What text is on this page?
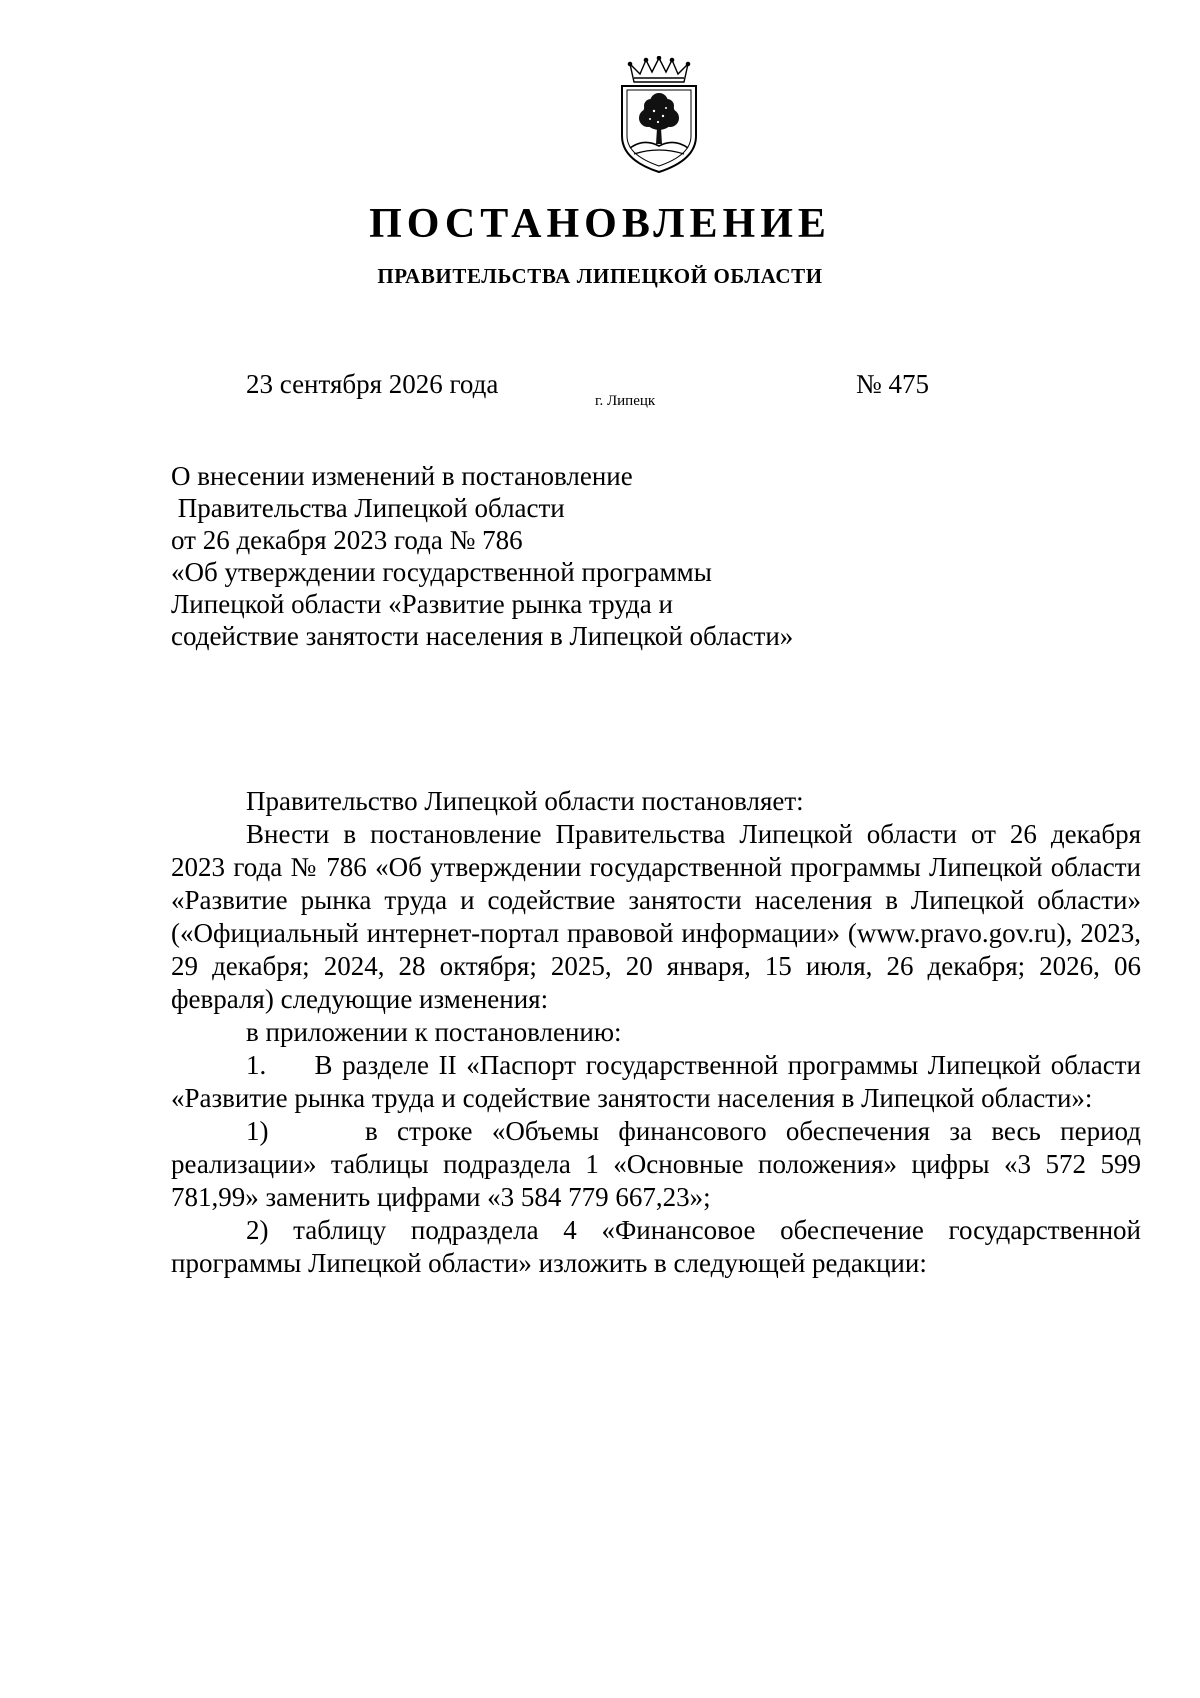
ПОСТАНОВЛЕНИЕ
ПРАВИТЕЛЬСТВА ЛИПЕЦКОЙ ОБЛАСТИ
23 сентября 2026 года
г. Липецк
№ 475
О внесении изменений в постановление
Правительства Липецкой области
от 26 декабря 2023 года № 786
«Об утверждении государственной программы
Липецкой области «Развитие рынка труда и
содействие занятости населения в Липецкой области»

Правительство Липецкой области постановляет:

Внести в постановление Правительства Липецкой области от 26 декабря 2023 года № 786 «Об утверждении государственной программы Липецкой области «Развитие рынка труда и содействие занятости населения в Липецкой области» («Официальный интернет-портал правовой информации» (www.pravo.gov.ru), 2023, 29 декабря; 2024, 28 октября; 2025, 20 января, 15 июля, 26 декабря; 2026, 06 февраля) следующие изменения:

в приложении к постановлению:

1.     В разделе II «Паспорт государственной программы Липецкой области «Развитие рынка труда и содействие занятости населения в Липецкой области»:

1)     в строке «Объемы финансового обеспечения за весь период реализации» таблицы подраздела 1 «Основные положения» цифры «3 572 599 781,99» заменить цифрами «3 584 779 667,23»;

2) таблицу подраздела 4 «Финансовое обеспечение государственной программы Липецкой области» изложить в следующей редакции:
